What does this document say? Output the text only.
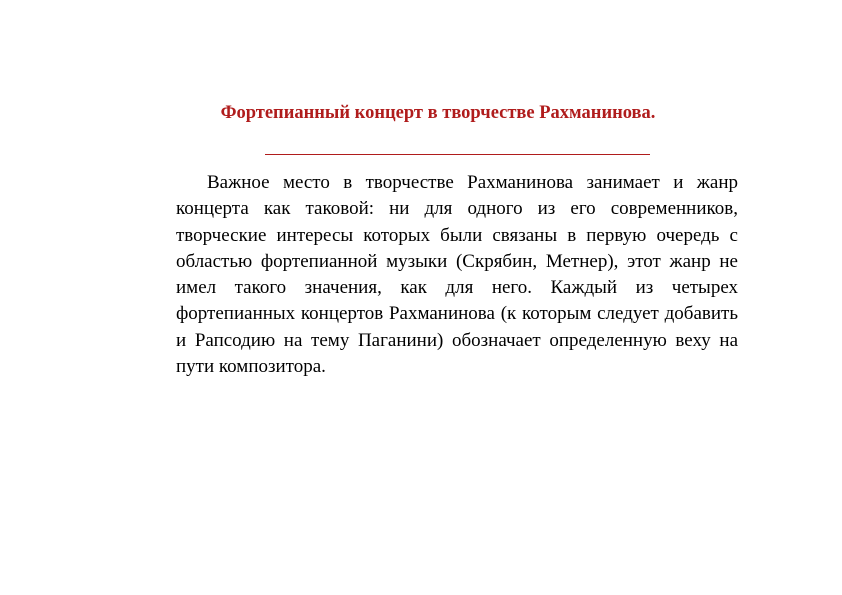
Фортепианный концерт в творчестве Рахманинова.

Важное место в творчестве Рахманинова занимает и жанр концерта как таковой: ни для одного из его современников, творческие интересы которых были связаны в первую очередь с областью фортепианной музыки (Скрябин, Метнер), этот жанр не имел такого значения, как для него. Каждый из четырех фортепианных концертов Рахманинова (к которым следует добавить и Рапсодию на тему Паганини) обозначает определенную веху на пути композитора.
